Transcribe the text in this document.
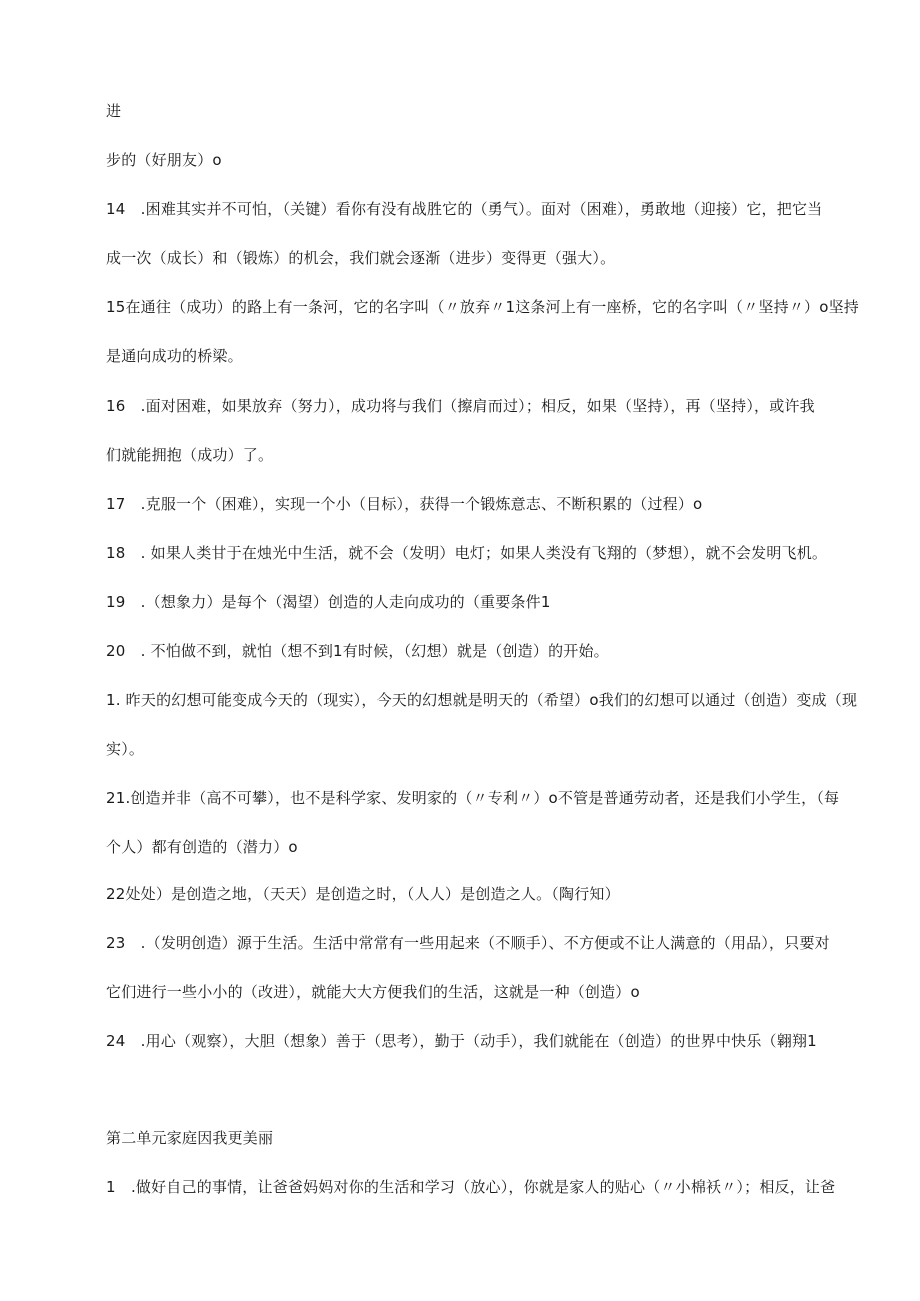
进
步的（好朋友）o
14　.困难其实并不可怕，（关键）看你有没有战胜它的（勇气）。面对（困难），勇敢地（迎接）它，把它当
成一次（成长）和（锻炼）的机会，我们就会逐渐（进步）变得更（强大）。
15在通往（成功）的路上有一条河，它的名字叫（〃放弃〃1这条河上有一座桥，它的名字叫（〃坚持〃）o坚持
是通向成功的桥梁。
16　.面对困难，如果放弃（努力），成功将与我们（擦肩而过）；相反，如果（坚持），再（坚持），或许我
们就能拥抱（成功）了。
17　.克服一个（困难），实现一个小（目标），获得一个锻炼意志、不断积累的（过程）o
18　. 如果人类甘于在烛光中生活，就不会（发明）电灯；如果人类没有飞翔的（梦想），就不会发明飞机。
19　.（想象力）是每个（渴望）创造的人走向成功的（重要条件1
20　. 不怕做不到，就怕（想不到1有时候，（幻想）就是（创造）的开始。
1. 昨天的幻想可能变成今天的（现实），今天的幻想就是明天的（希望）o我们的幻想可以通过（创造）变成（现
实）。
21.创造并非（高不可攀），也不是科学家、发明家的（〃专利〃）o不管是普通劳动者，还是我们小学生，（每
个人）都有创造的（潜力）o
22处处）是创造之地，（天天）是创造之时，（人人）是创造之人。（陶行知）
23　.（发明创造）源于生活。生活中常常有一些用起来（不顺手）、不方便或不让人满意的（用品），只要对
它们进行一些小小的（改进），就能大大方便我们的生活，这就是一种（创造）o
24　.用心（观察），大胆（想象）善于（思考），勤于（动手），我们就能在（创造）的世界中快乐（翱翔1
第二单元家庭因我更美丽
1　.做好自己的事情，让爸爸妈妈对你的生活和学习（放心），你就是家人的贴心（〃小棉袄〃）；相反，让爸
